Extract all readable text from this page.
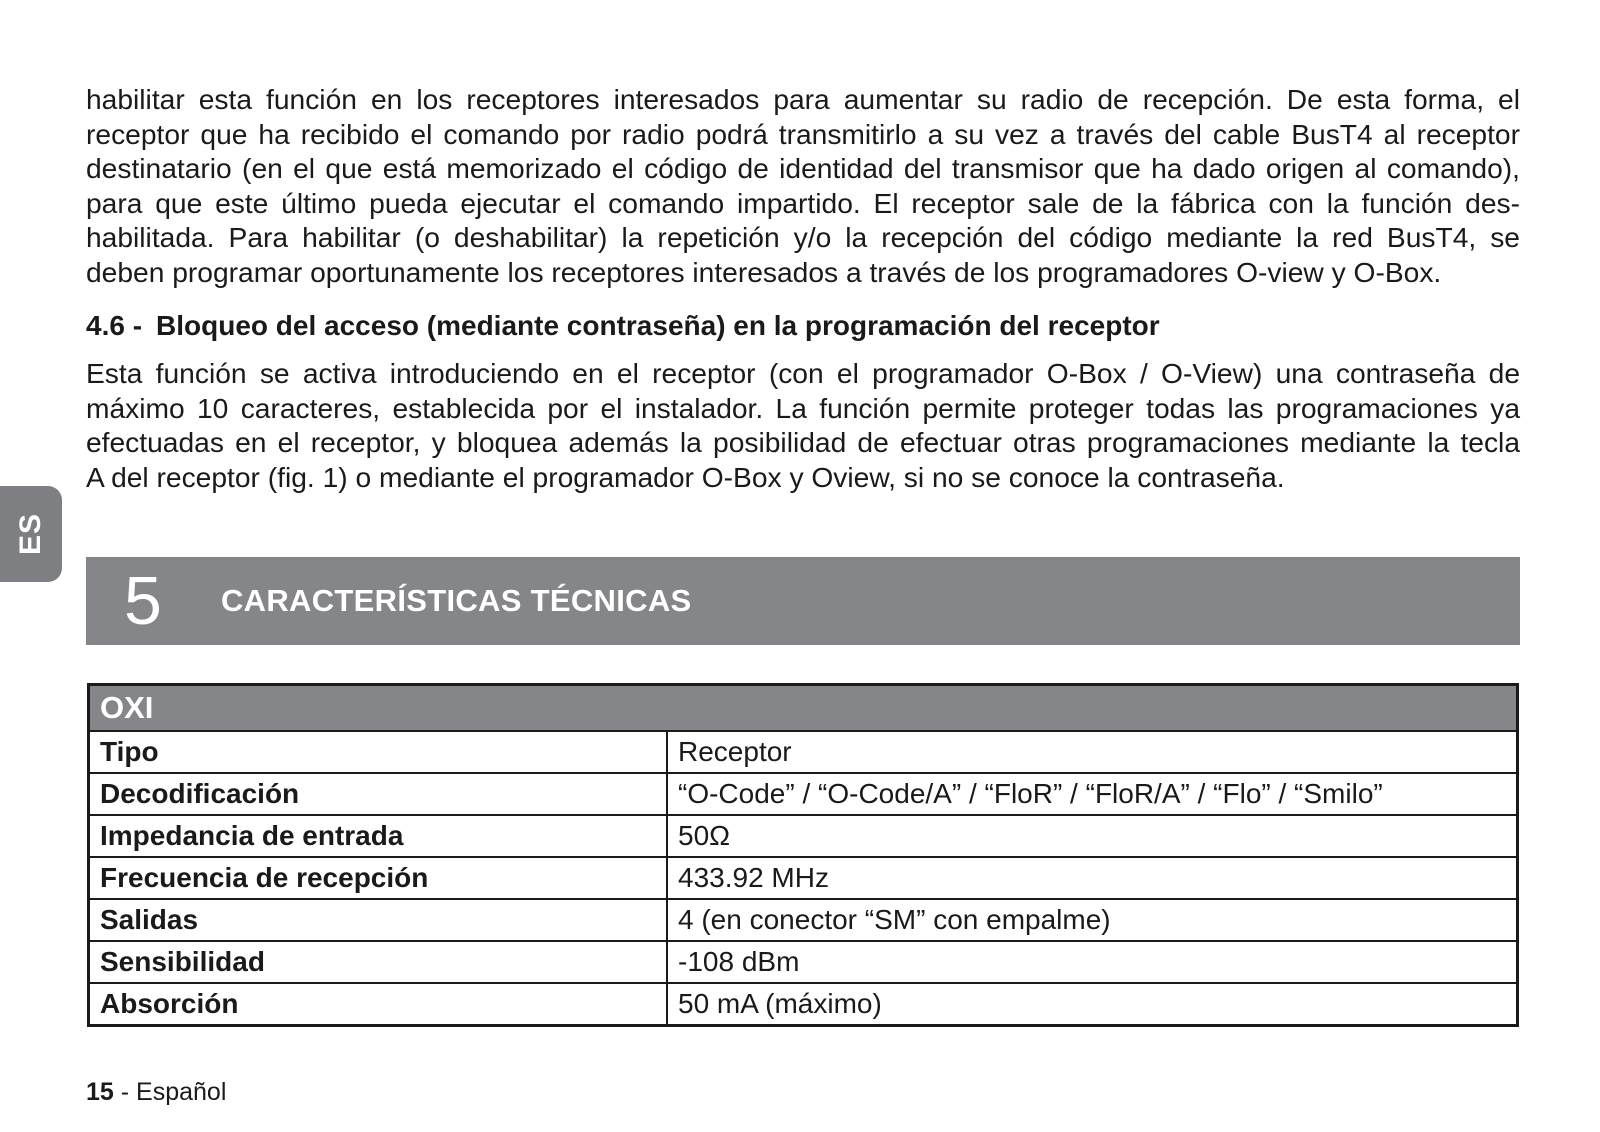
habilitar esta función en los receptores interesados para aumentar su radio de recepción. De esta forma, el
receptor que ha recibido el comando por radio podrá transmitirlo a su vez a través del cable BusT4 al receptor
destinatario (en el que está memorizado el código de identidad del transmisor que ha dado origen al comando),
para que este último pueda ejecutar el comando impartido. El receptor sale de la fábrica con la función des-
habilitada. Para habilitar (o deshabilitar) la repetición y/o la recepción del código mediante la red BusT4, se
deben programar oportunamente los receptores interesados a través de los programadores O-view y O-Box.
4.6 - Bloqueo del acceso (mediante contraseña) en la programación del receptor
Esta función se activa introduciendo en el receptor (con el programador O-Box / O-View) una contraseña de
máximo 10 caracteres, establecida por el instalador. La función permite proteger todas las programaciones ya
efectuadas en el receptor, y bloquea además la posibilidad de efectuar otras programaciones mediante la tecla
A del receptor (fig. 1) o mediante el programador O-Box y Oview, si no se conoce la contraseña.
ES
5 CARACTERÍSTICAS TÉCNICAS
OXI	
Tipo	Receptor
Decodificación	“O-Code” / “O-Code/A” / “FloR” / “FloR/A” / “Flo” / “Smilo”
Impedancia de entrada	50Ω
Frecuencia de recepción	433.92 MHz
Salidas	4 (en conector “SM” con empalme)
Sensibilidad	-108 dBm
Absorción	50 mA (máximo)
15 - Español
